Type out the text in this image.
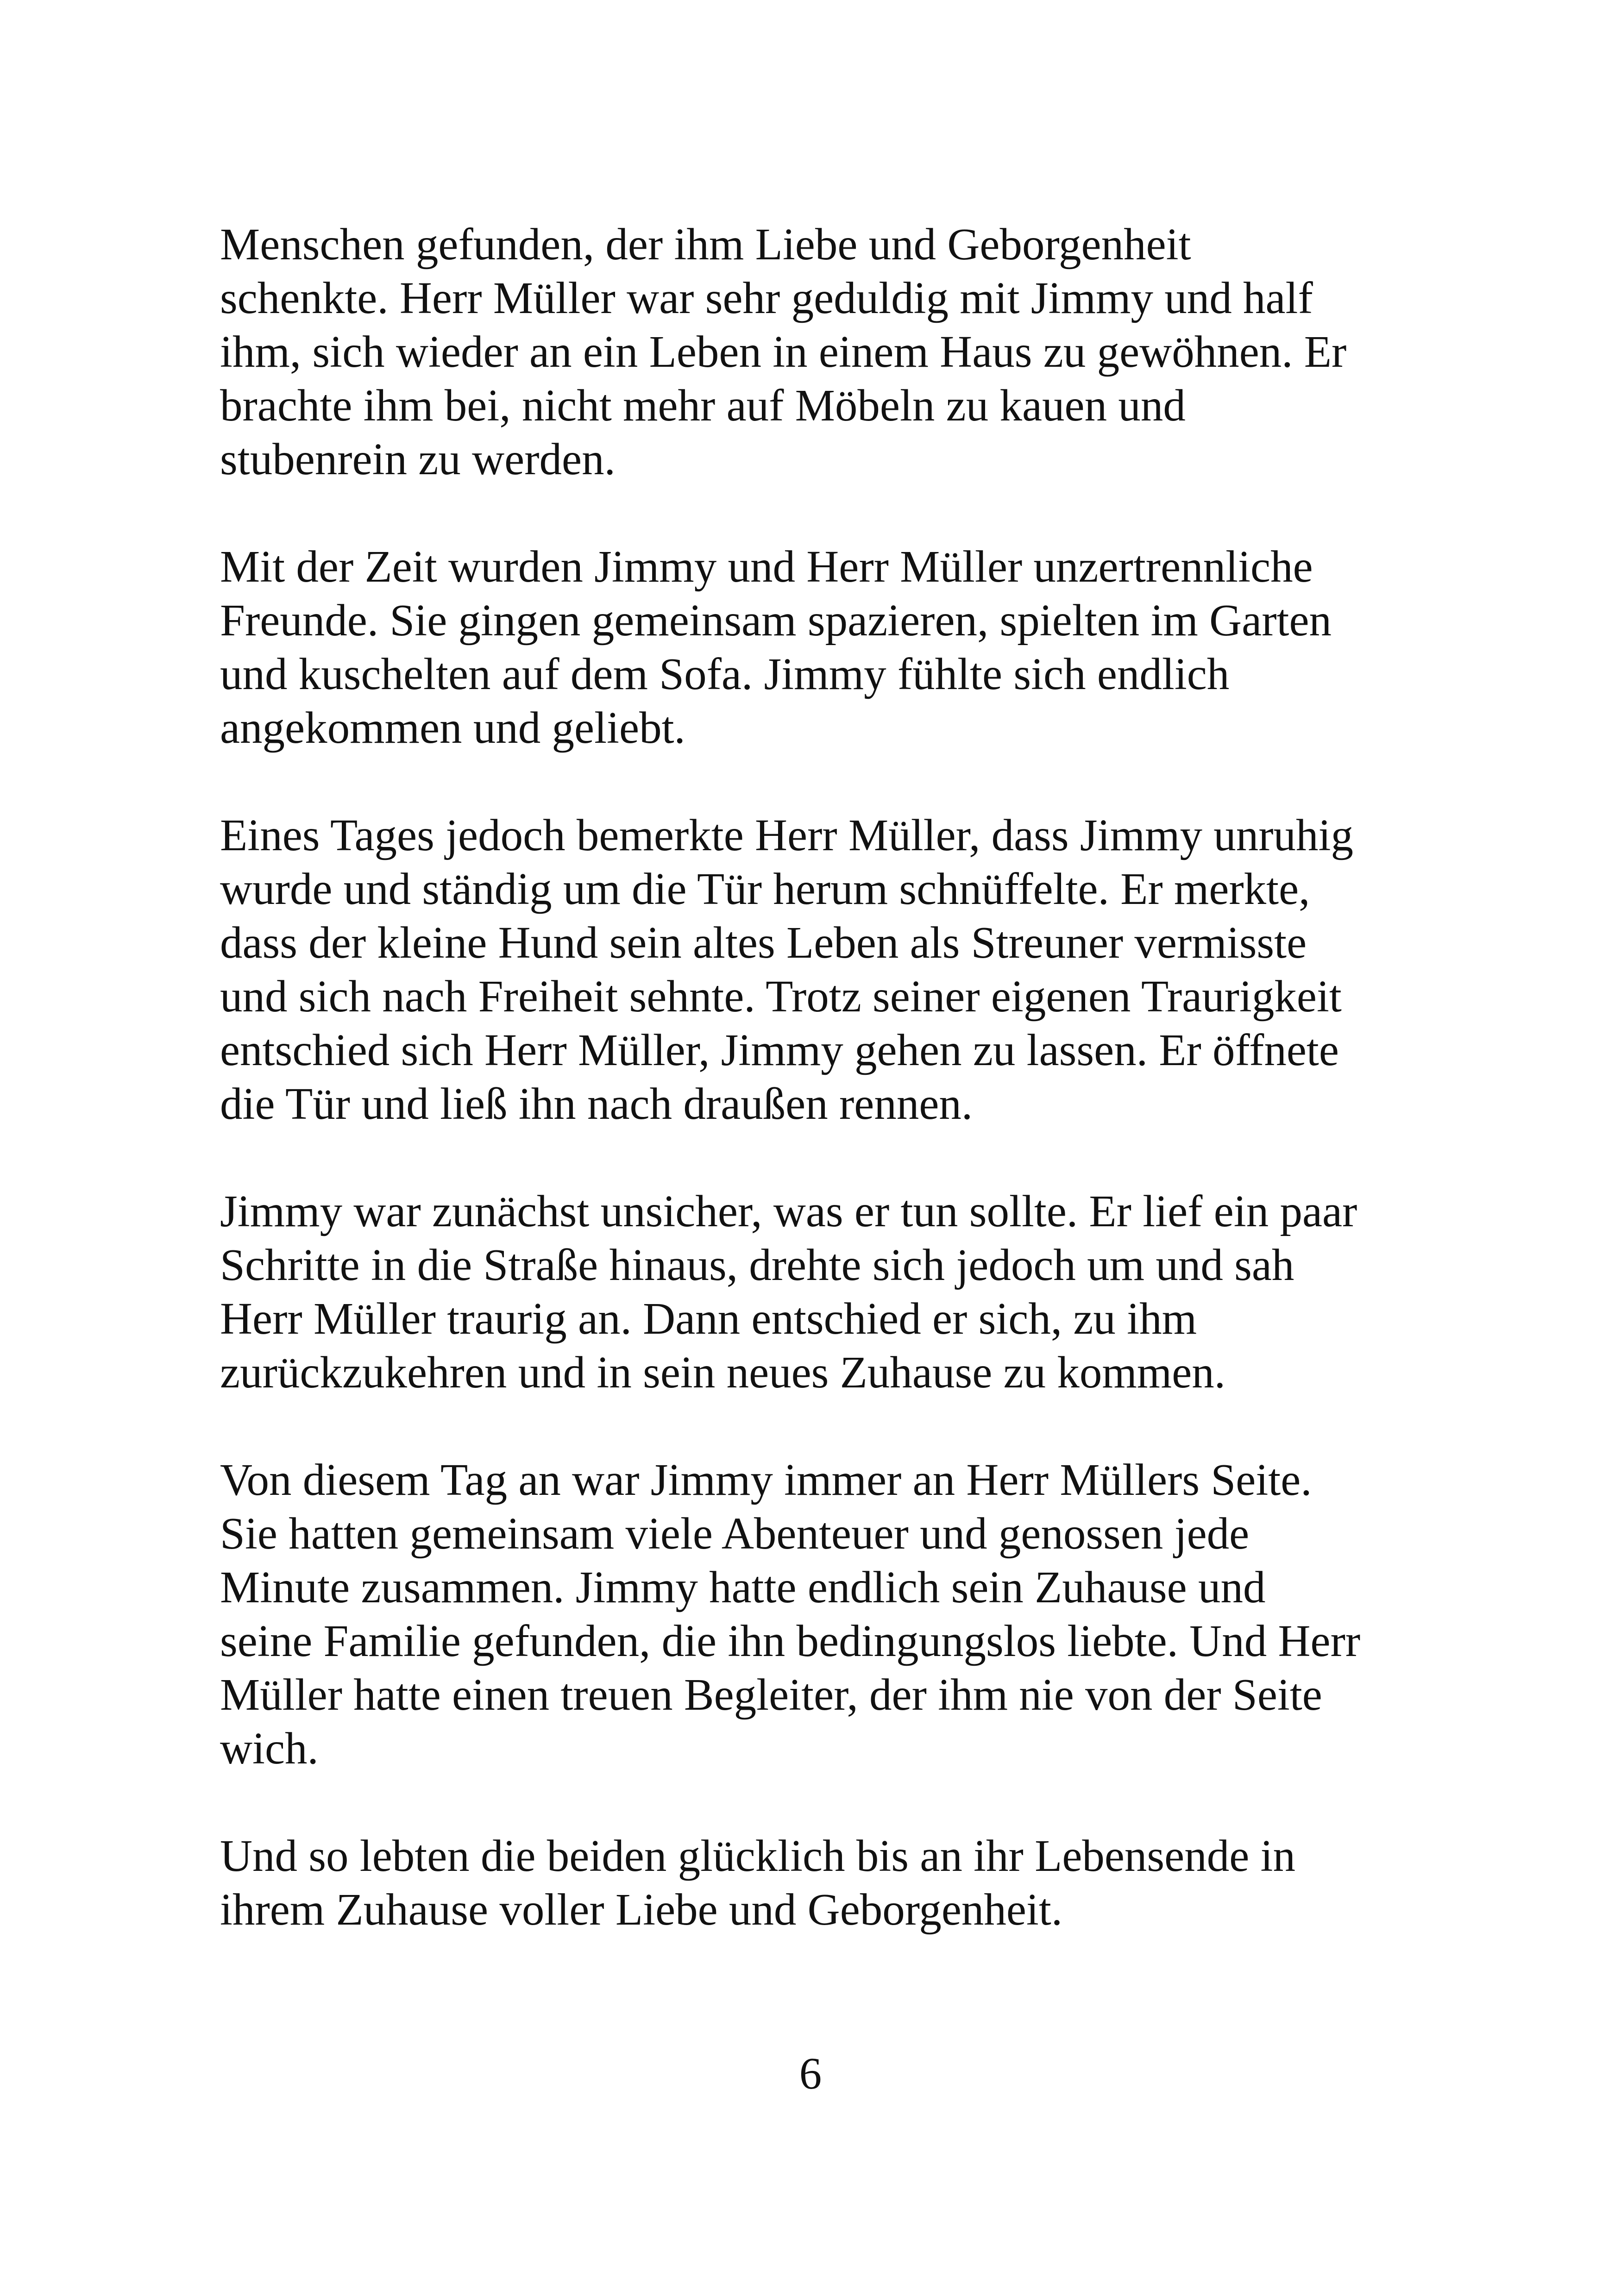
Menschen gefunden, der ihm Liebe und Geborgenheit
schenkte. Herr Müller war sehr geduldig mit Jimmy und half
ihm, sich wieder an ein Leben in einem Haus zu gewöhnen. Er
brachte ihm bei, nicht mehr auf Möbeln zu kauen und
stubenrein zu werden.

Mit der Zeit wurden Jimmy und Herr Müller unzertrennliche
Freunde. Sie gingen gemeinsam spazieren, spielten im Garten
und kuschelten auf dem Sofa. Jimmy fühlte sich endlich
angekommen und geliebt.

Eines Tages jedoch bemerkte Herr Müller, dass Jimmy unruhig
wurde und ständig um die Tür herum schnüffelte. Er merkte,
dass der kleine Hund sein altes Leben als Streuner vermisste
und sich nach Freiheit sehnte. Trotz seiner eigenen Traurigkeit
entschied sich Herr Müller, Jimmy gehen zu lassen. Er öffnete
die Tür und ließ ihn nach draußen rennen.

Jimmy war zunächst unsicher, was er tun sollte. Er lief ein paar
Schritte in die Straße hinaus, drehte sich jedoch um und sah
Herr Müller traurig an. Dann entschied er sich, zu ihm
zurückzukehren und in sein neues Zuhause zu kommen.

Von diesem Tag an war Jimmy immer an Herr Müllers Seite.
Sie hatten gemeinsam viele Abenteuer und genossen jede
Minute zusammen. Jimmy hatte endlich sein Zuhause und
seine Familie gefunden, die ihn bedingungslos liebte. Und Herr
Müller hatte einen treuen Begleiter, der ihm nie von der Seite
wich.

Und so lebten die beiden glücklich bis an ihr Lebensende in
ihrem Zuhause voller Liebe und Geborgenheit.

6
